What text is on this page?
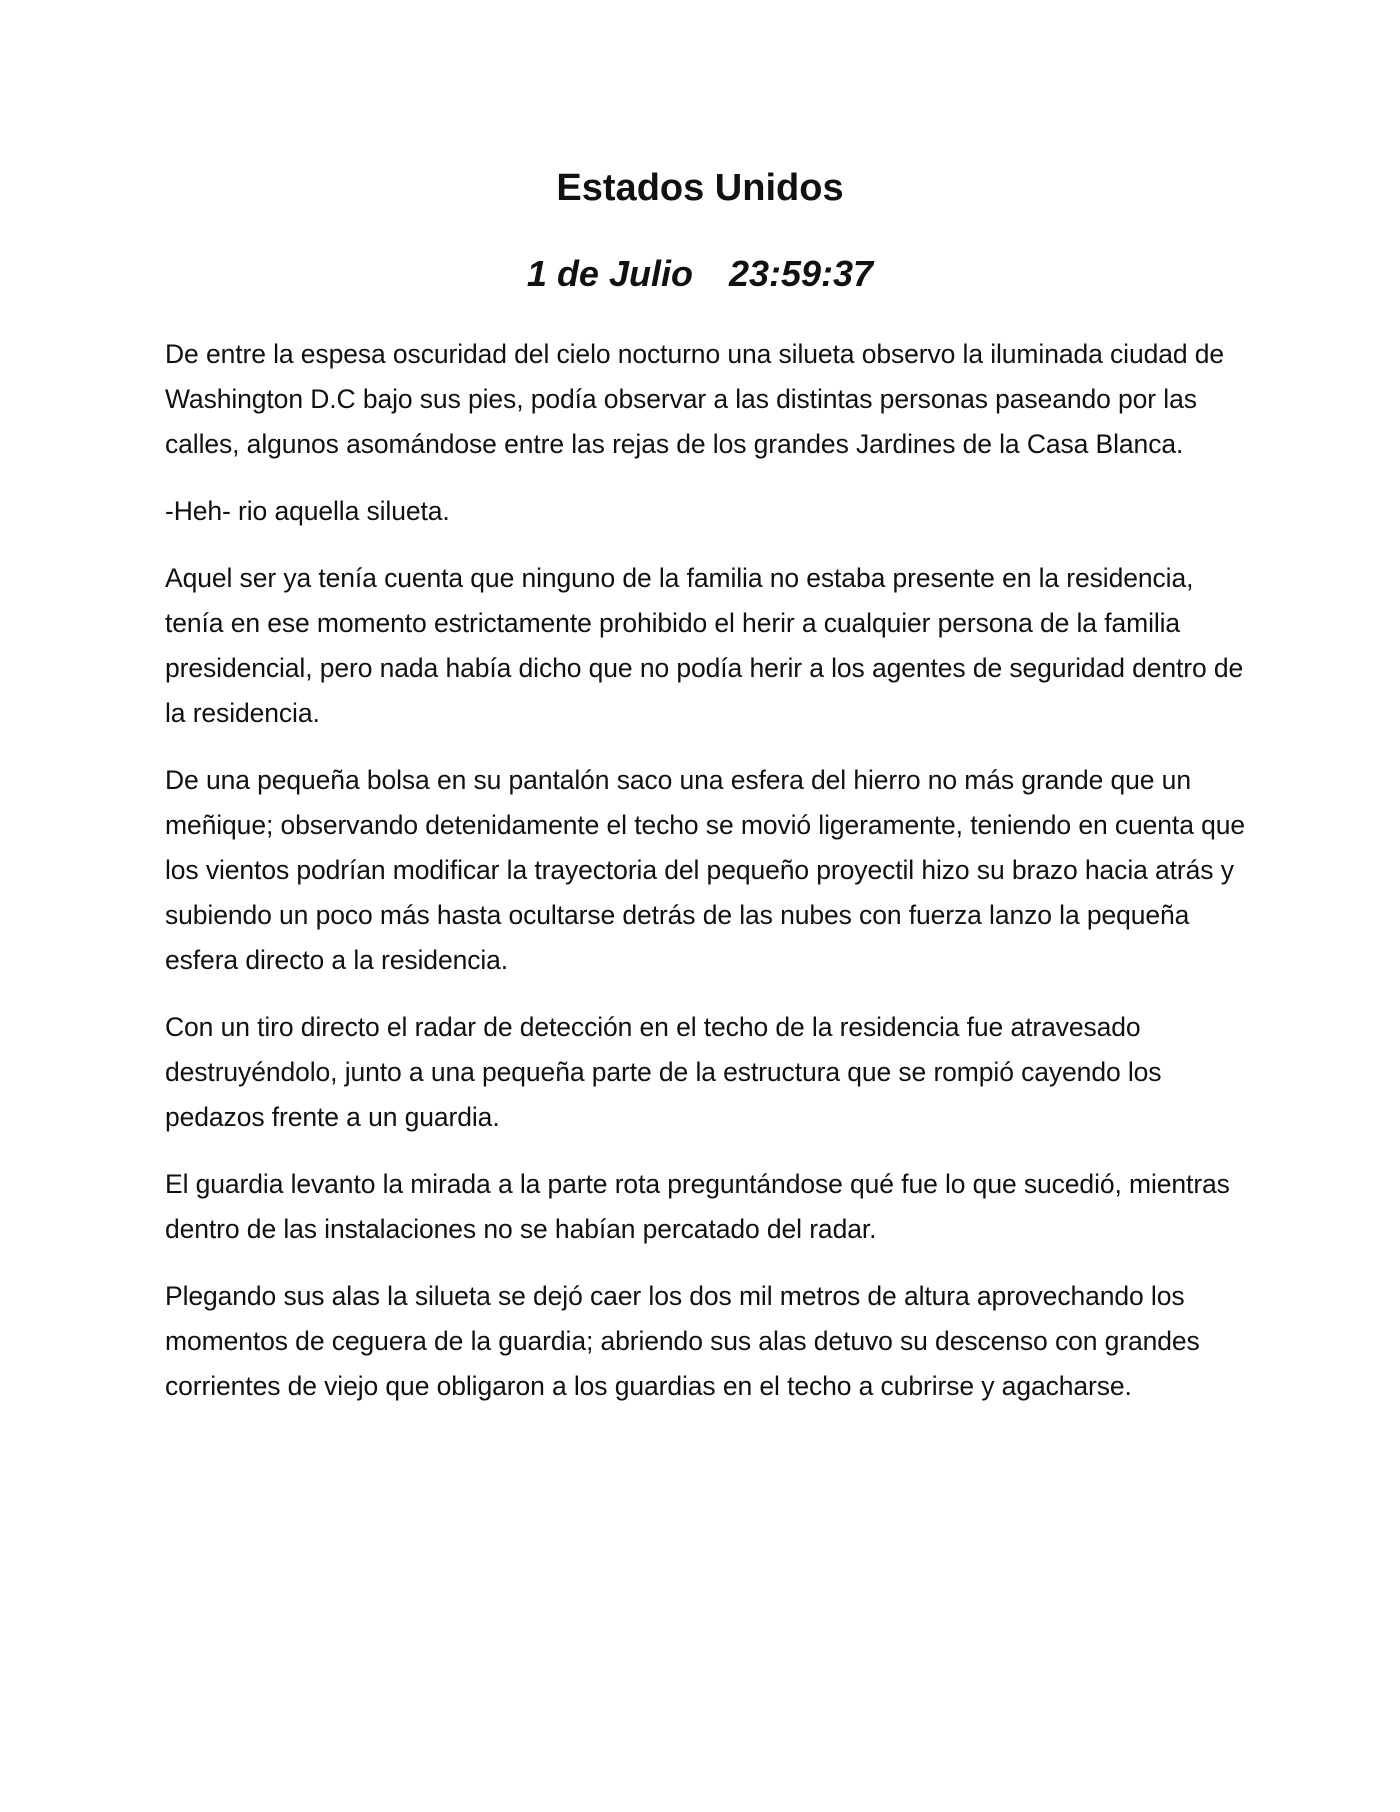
Estados Unidos
1 de Julio 23:59:37

De entre la espesa oscuridad del cielo nocturno una silueta observo la iluminada ciudad de Washington D.C bajo sus pies, podía observar a las distintas personas paseando por las calles, algunos asomándose entre las rejas de los grandes Jardines de la Casa Blanca.

-Heh- rio aquella silueta.

Aquel ser ya tenía cuenta que ninguno de la familia no estaba presente en la residencia, tenía en ese momento estrictamente prohibido el herir a cualquier persona de la familia presidencial, pero nada había dicho que no podía herir a los agentes de seguridad dentro de la residencia.

De una pequeña bolsa en su pantalón saco una esfera del hierro no más grande que un meñique; observando detenidamente el techo se movió ligeramente, teniendo en cuenta que los vientos podrían modificar la trayectoria del pequeño proyectil hizo su brazo hacia atrás y subiendo un poco más hasta ocultarse detrás de las nubes con fuerza lanzo la pequeña esfera directo a la residencia.

Con un tiro directo el radar de detección en el techo de la residencia fue atravesado destruyéndolo, junto a una pequeña parte de la estructura que se rompió cayendo los pedazos frente a un guardia.

El guardia levanto la mirada a la parte rota preguntándose qué fue lo que sucedió, mientras dentro de las instalaciones no se habían percatado del radar.

Plegando sus alas la silueta se dejó caer los dos mil metros de altura aprovechando los momentos de ceguera de la guardia; abriendo sus alas detuvo su descenso con grandes corrientes de viejo que obligaron a los guardias en el techo a cubrirse y agacharse.
